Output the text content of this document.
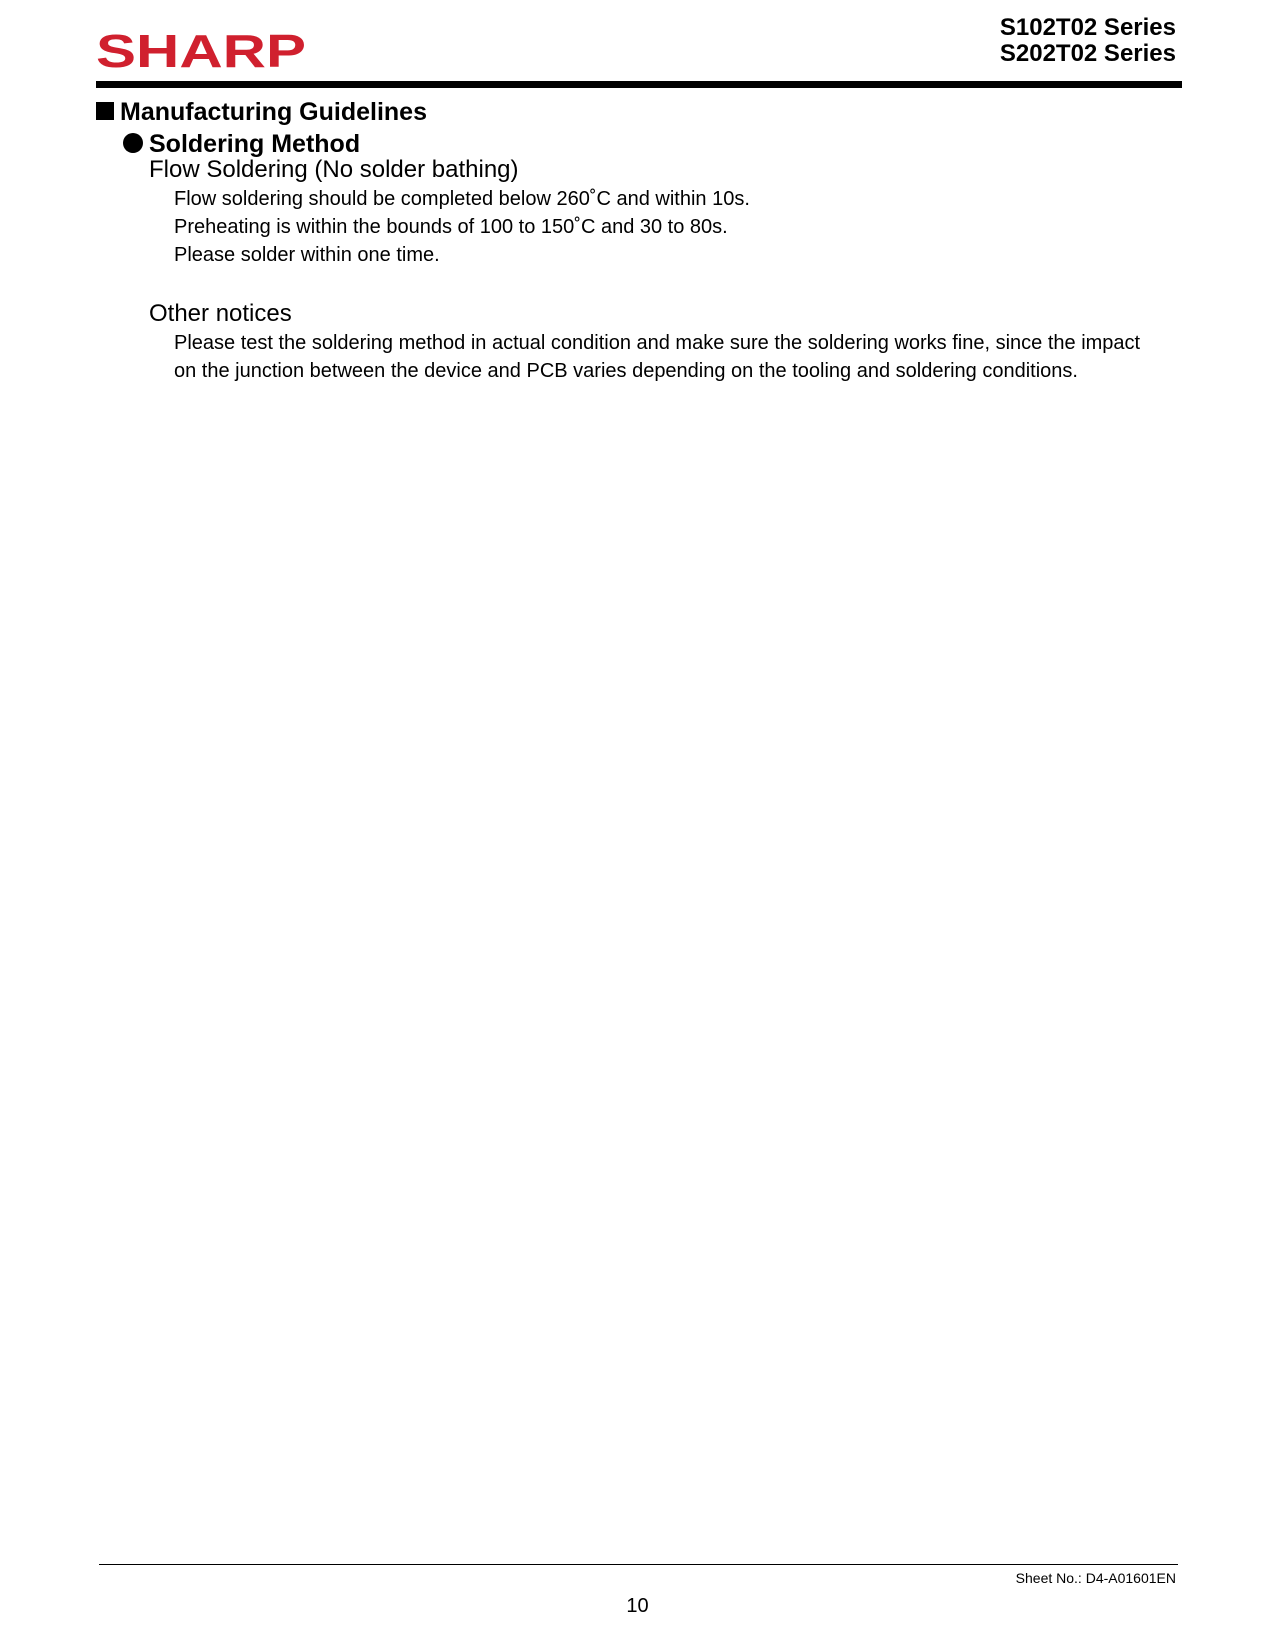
SHARP	S102T02 Series
S202T02 Series
Manufacturing Guidelines
Soldering Method
Flow Soldering (No solder bathing)
Flow soldering should be completed below 260˚C and within 10s.
Preheating is within the bounds of 100 to 150˚C and 30 to 80s.
Please solder within one time.
Other notices
Please test the soldering method in actual condition and make sure the soldering works fine, since the impact
on the junction between the device and PCB varies depending on the tooling and soldering conditions.
Sheet No.: D4-A01601EN
10
